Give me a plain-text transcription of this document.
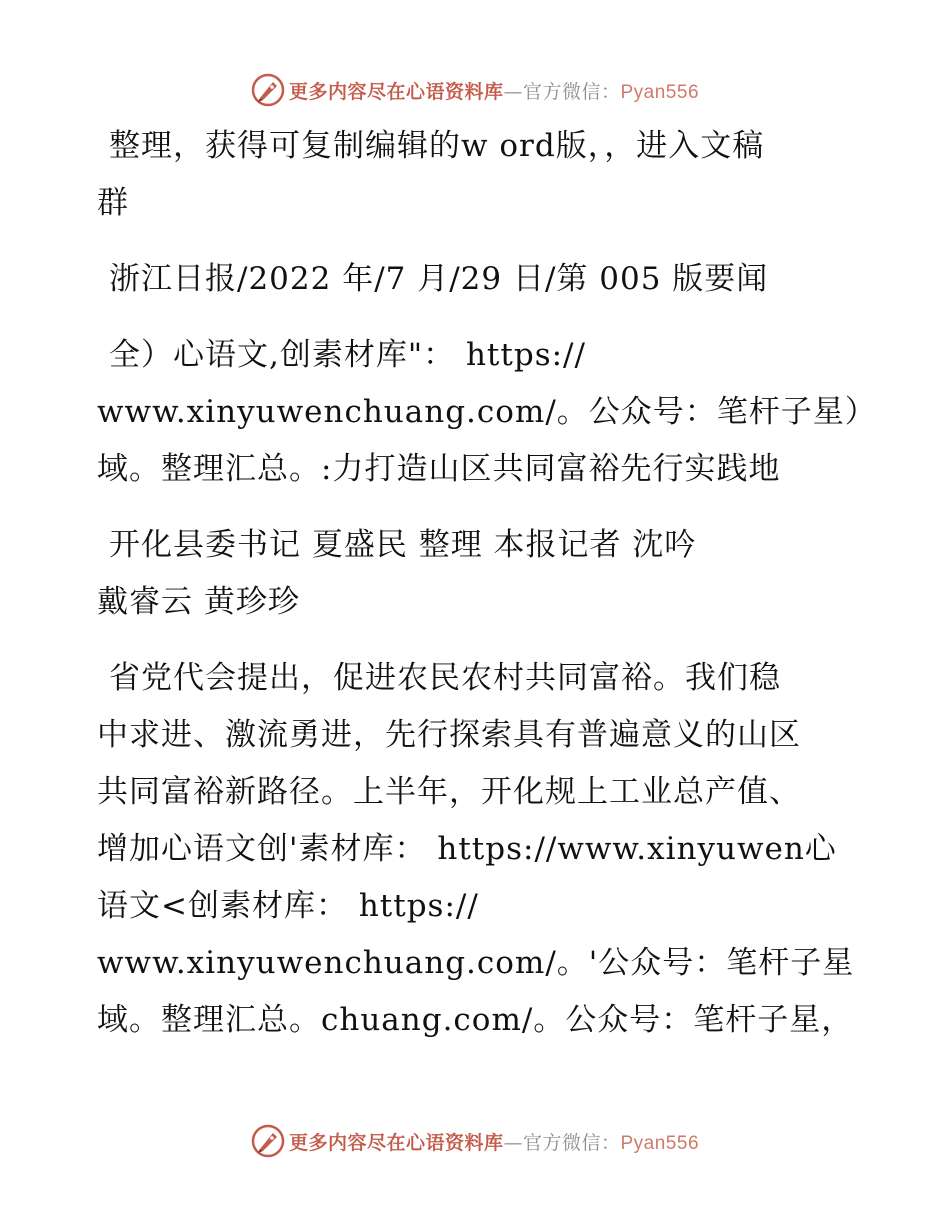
更多内容尽在心语资料库—官方微信：Pyan556
整理，获得可复制编辑的w ord版，，进入文稿
群
浙江日报/2022 年/7 月/29 日/第 005 版要闻
全）心语文,创素材库"： https://
www.xinyuwenchuang.com/。公众号：笔杆子星）
域。整理汇总。:力打造山区共同富裕先行实践地
开化县委书记 夏盛民 整理 本报记者 沈吟
戴睿云 黄珍珍
省党代会提出，促进农民农村共同富裕。我们稳
中求进、激流勇进，先行探索具有普遍意义的山区
共同富裕新路径。上半年，开化规上工业总产值、
增加心语文创'素材库： https://www.xinyuwen心
语文<创素材库： https://
www.xinyuwenchuang.com/。'公众号：笔杆子星
域。整理汇总。chuang.com/。公众号：笔杆子星，
更多内容尽在心语资料库—官方微信：Pyan556
